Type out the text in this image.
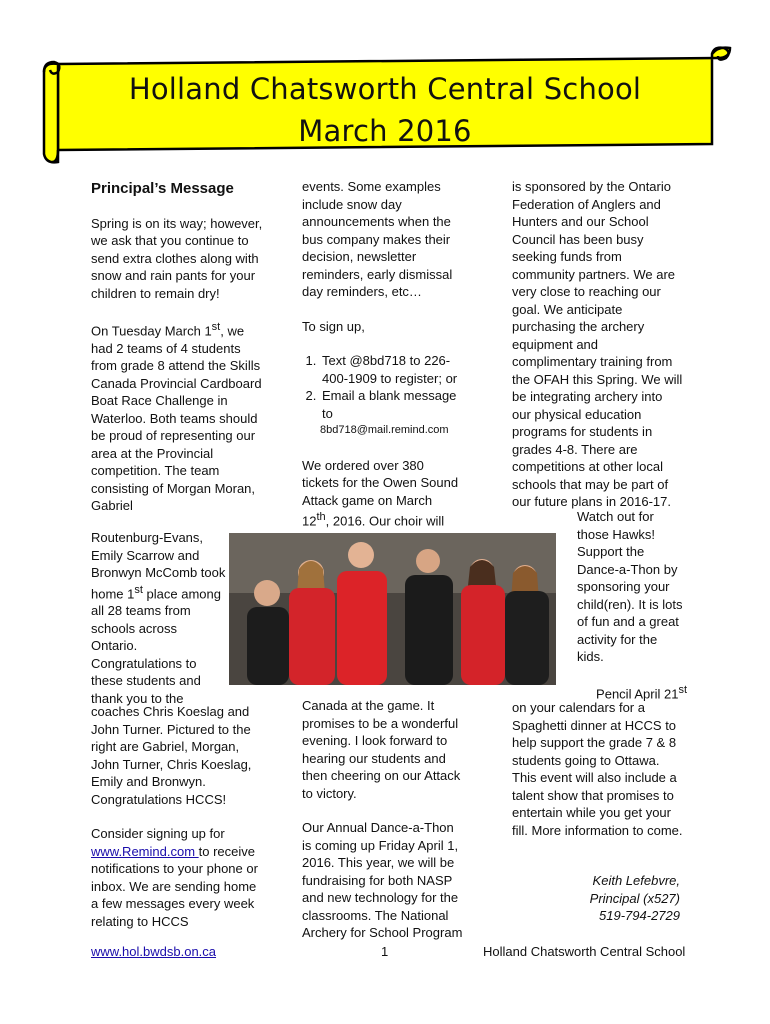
Holland Chatsworth Central School
March 2016

Principal’s Message

Spring is on its way; however, we ask that you continue to send extra clothes along with snow and rain pants for your children to remain dry!

On Tuesday March 1st, we had 2 teams of 4 students from grade 8 attend the Skills Canada Provincial Cardboard Boat Race Challenge in Waterloo. Both teams should be proud of representing our area at the Provincial competition. The team consisting of Morgan Moran, Gabriel

Routenburg-Evans, Emily Scarrow and Bronwyn McComb took home 1st place among all 28 teams from schools across Ontario. Congratulations to these students and thank you to the

coaches Chris Koeslag and John Turner. Pictured to the right are Gabriel, Morgan, John Turner, Chris Koeslag, Emily and Bronwyn. Congratulations HCCS!

Consider signing up for www.Remind.com to receive notifications to your phone or inbox. We are sending home a few messages every week relating to HCCS

events. Some examples include snow day announcements when the bus company makes their decision, newsletter reminders, early dismissal day reminders, etc…

To sign up,

1. Text @8bd718 to 226-400-1909 to register; or
2. Email a blank message to

8bd718@mail.remind.com

We ordered over 380 tickets for the Owen Sound Attack game on March 12th, 2016. Our choir will

Canada at the game. It promises to be a wonderful evening. I look forward to hearing our students and then cheering on our Attack to victory.

Our Annual Dance-a-Thon is coming up Friday April 1, 2016. This year, we will be fundraising for both NASP and new technology for the classrooms. The National Archery for School Program

is sponsored by the Ontario Federation of Anglers and Hunters and our School Council has been busy seeking funds from community partners. We are very close to reaching our goal. We anticipate purchasing the archery equipment and complimentary training from the OFAH this Spring. We will be integrating archery into our physical education programs for students in grades 4-8. There are competitions at other local schools that may be part of our future plans in 2016-17.

Watch out for those Hawks! Support the Dance-a-Thon by sponsoring your child(ren). It is lots of fun and a great activity for the kids.

Pencil April 21st

on your calendars for a Spaghetti dinner at HCCS to help support the grade 7 & 8 students going to Ottawa. This event will also include a talent show that promises to entertain while you get your fill. More information to come.

Keith Lefebvre,

Principal (x527)

519-794-2729

www.hol.bwdsb.on.ca	1	Holland Chatsworth Central School
